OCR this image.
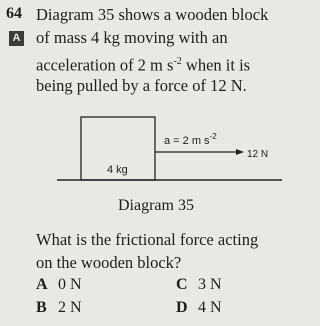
64 Diagram 35 shows a wooden block
A of mass 4 kg moving with an
acceleration of 2 m $s^{-2}$ when it is
being pulled by a force of 12 N.
4 kg
a = 2 m $s^{-2}$
12 N
Diagram 35
What is the frictional force acting
on the wooden block?
A 0 N
B 2 N
C 3 N
D 4 N
